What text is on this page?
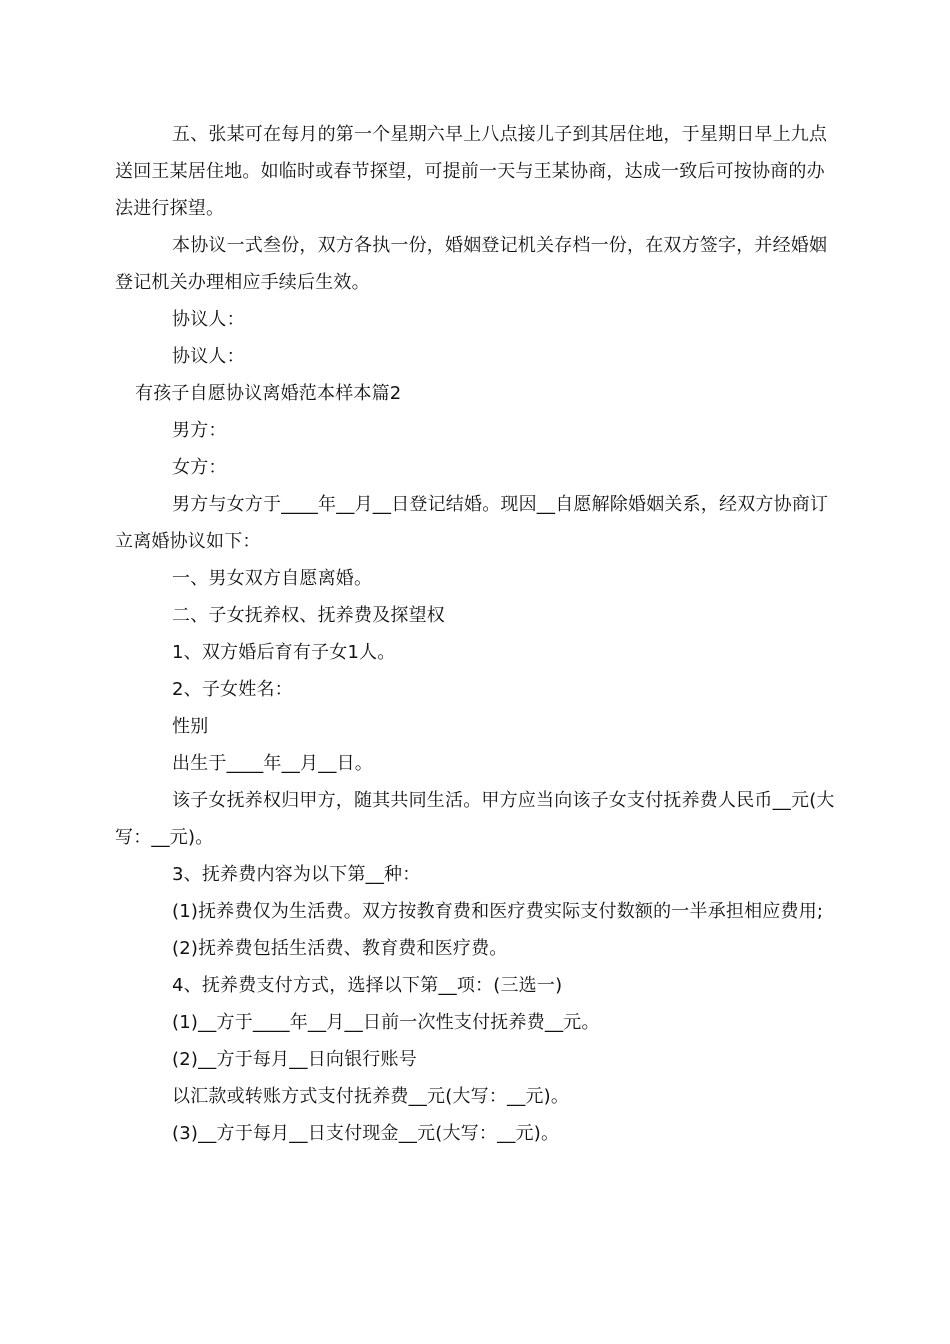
五、张某可在每月的第一个星期六早上八点接儿子到其居住地，于星期日早上九点送回王某居住地。如临时或春节探望，可提前一天与王某协商，达成一致后可按协商的办法进行探望。

本协议一式叁份，双方各执一份，婚姻登记机关存档一份，在双方签字，并经婚姻登记机关办理相应手续后生效。

协议人：

协议人：

有孩子自愿协议离婚范本样本篇2

男方：

女方：

男方与女方于____年__月__日登记结婚。现因__自愿解除婚姻关系，经双方协商订立离婚协议如下：

一、男女双方自愿离婚。

二、子女抚养权、抚养费及探望权

1、双方婚后育有子女1人。

2、子女姓名：

性别

出生于____年__月__日。

该子女抚养权归甲方，随其共同生活。甲方应当向该子女支付抚养费人民币__元(大写：__元)。

3、抚养费内容为以下第__种：

(1)抚养费仅为生活费。双方按教育费和医疗费实际支付数额的一半承担相应费用;

(2)抚养费包括生活费、教育费和医疗费。

4、抚养费支付方式，选择以下第__项：(三选一)

(1)__方于____年__月__日前一次性支付抚养费__元。

(2)__方于每月__日向银行账号

以汇款或转账方式支付抚养费__元(大写：__元)。

(3)__方于每月__日支付现金__元(大写：__元)。
